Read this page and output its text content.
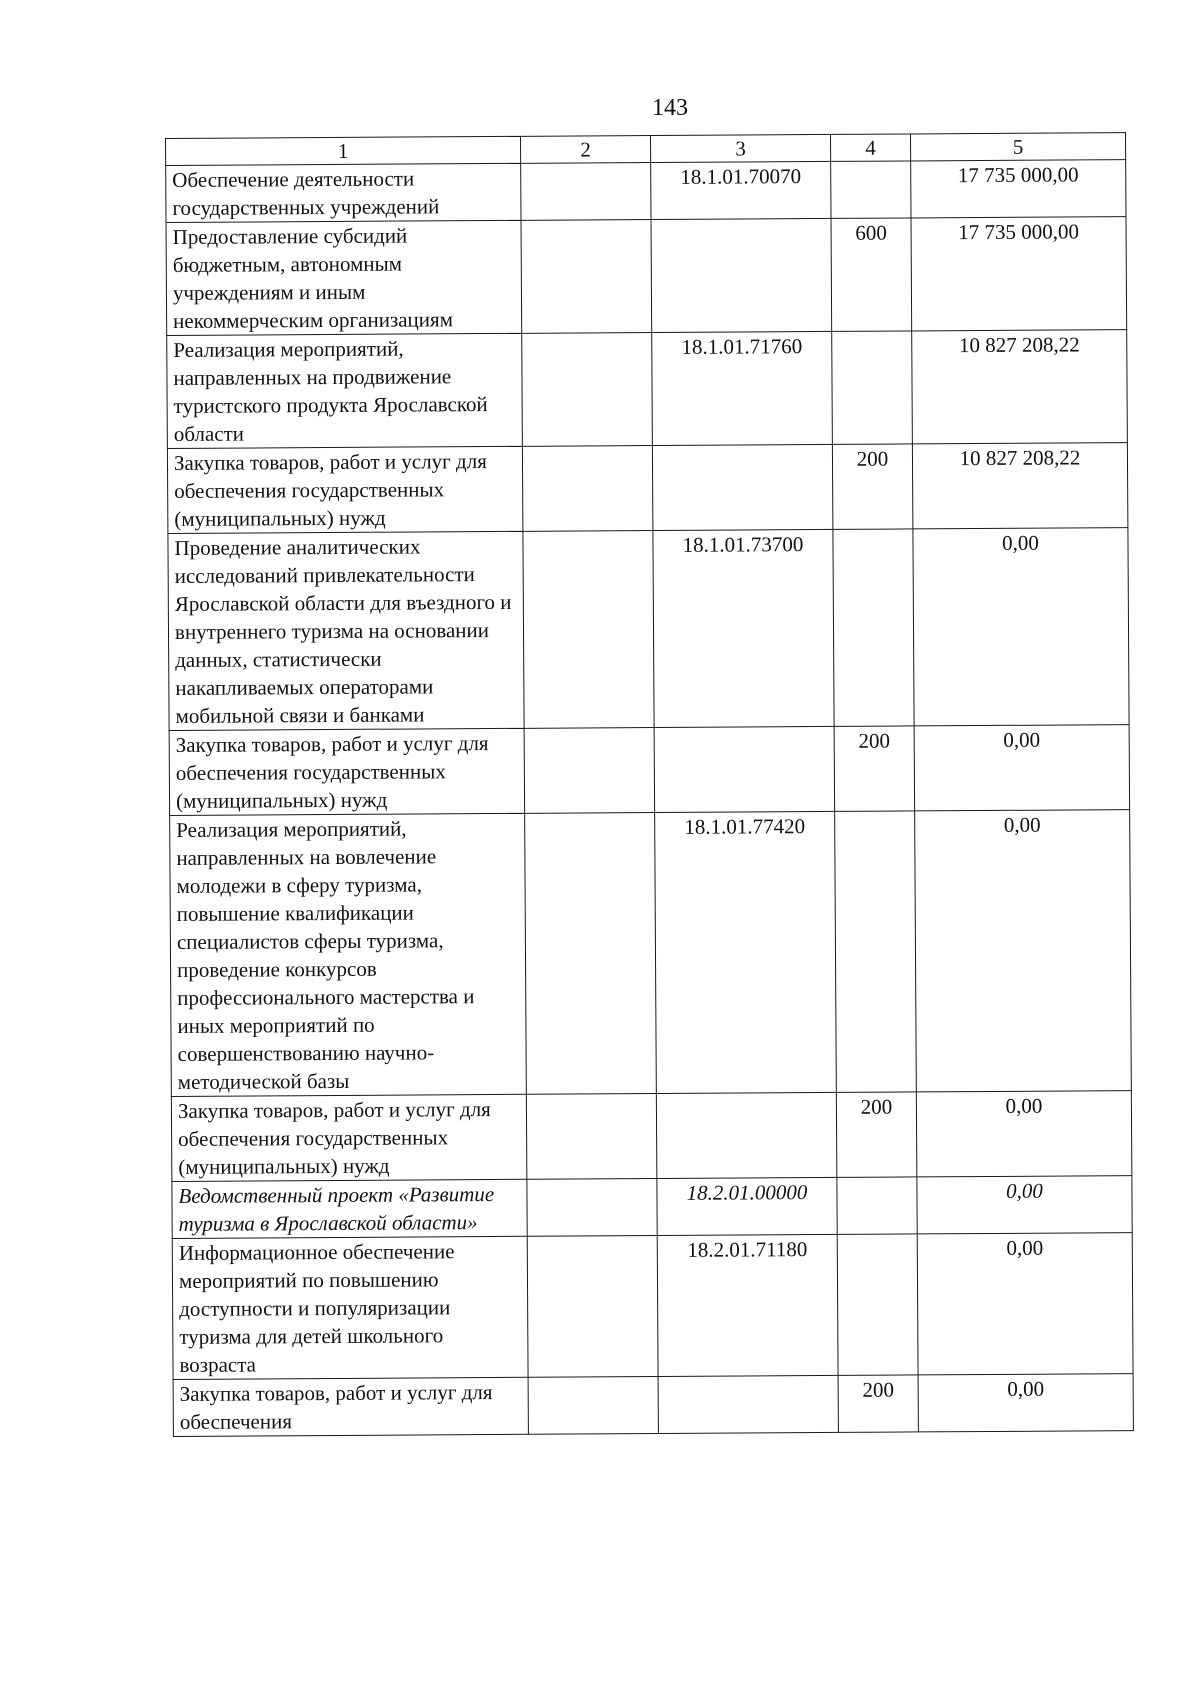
143
1	2	3	4	5
Обеспечение деятельности государственных учреждений		18.1.01.70070		17 735 000,00
Предоставление субсидий бюджетным, автономным учреждениям и иным некоммерческим организациям			600	17 735 000,00
Реализация мероприятий, направленных на продвижение туристского продукта Ярославской области		18.1.01.71760		10 827 208,22
Закупка товаров, работ и услуг для обеспечения государственных (муниципальных) нужд			200	10 827 208,22
Проведение аналитических исследований привлекательности Ярославской области для въездного и внутреннего туризма на основании данных, статистически накапливаемых операторами мобильной связи и банками		18.1.01.73700		0,00
Закупка товаров, работ и услуг для обеспечения государственных (муниципальных) нужд			200	0,00
Реализация мероприятий, направленных на вовлечение молодежи в сферу туризма, повышение квалификации специалистов сферы туризма, проведение конкурсов профессионального мастерства и иных мероприятий по совершенствованию научно-методической базы		18.1.01.77420		0,00
Закупка товаров, работ и услуг для обеспечения государственных (муниципальных) нужд			200	0,00
Ведомственный проект «Развитие туризма в Ярославской области»		18.2.01.00000		0,00
Информационное обеспечение мероприятий по повышению доступности и популяризации туризма для детей школьного возраста		18.2.01.71180		0,00
Закупка товаров, работ и услуг для обеспечения			200	0,00
